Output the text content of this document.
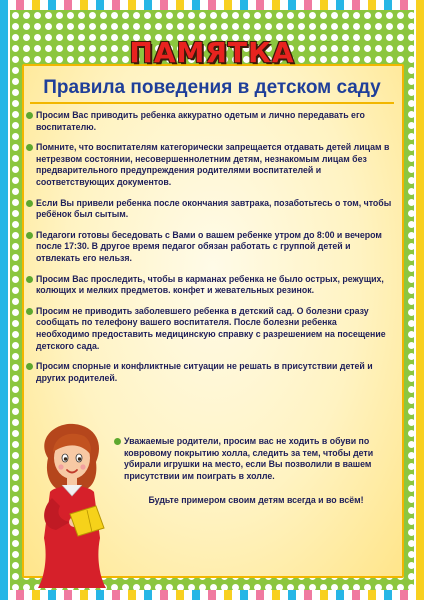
ПАМЯТКА
Правила поведения в детском саду
Просим Вас приводить ребенка аккуратно одетым и лично передавать его воспитателю.
Помните, что воспитателям категорически запрещается отдавать детей лицам в нетрезвом состоянии, несовершеннолетним детям, незнакомым лицам без предварительного предупреждения родителями воспитателей и соответствующих документов.
Если Вы привели ребенка после окончания завтрака, позаботьтесь о том, чтобы ребёнок был сытым.
Педагоги готовы беседовать с Вами о вашем ребенке утром до 8:00 и вечером после 17:30. В другое время педагог обязан работать с группой детей и отвлекать его нельзя.
Просим Вас проследить, чтобы в карманах ребенка не было острых, режущих, колющих и мелких предметов. конфет и жевательных резинок.
Просим не приводить заболевшего ребенка в детский сад. О болезни сразу сообщать по телефону вашего воспитателя. После болезни ребенка необходимо предоставить медицинскую справку с разрешением на посещение детского сада.
Просим спорные и конфликтные ситуации не решать в присутствии детей и других родителей.
Уважаемые родители, просим вас не ходить в обуви по ковровому покрытию холла, следить за тем, чтобы дети убирали игрушки на место, если Вы позволили в вашем присутствии им поиграть в холле.

Будьте примером своим детям всегда и во всём!
